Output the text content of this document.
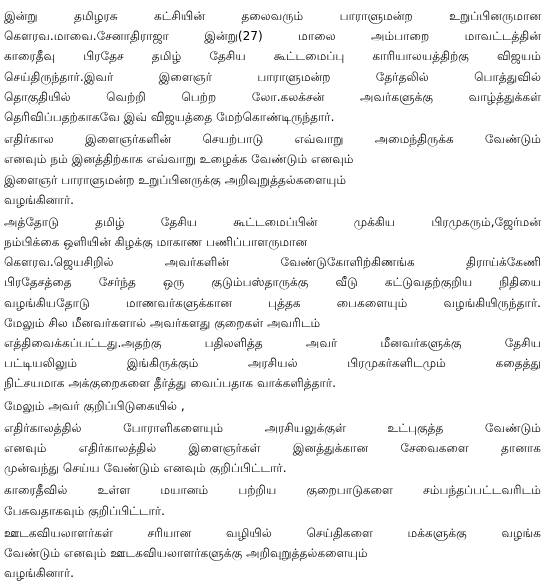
இன்று தமிழரசு கட்சியின் தலைவரும் பாராளுமன்ற உறுப்பினருமான
கௌரவ.மாவை.சேனாதிராஜா இன்று(27) மாலை அம்பாறை மாவட்டத்தின்
காரைதீவு பிரதேச தமிழ் தேசிய கூட்டமைப்பு காரியாலயத்திற்கு விஜயம்
செய்திருந்தார்.இவர் இளைஞர் பாராளுமன்ற தேர்தலில் பொத்துவில்
தொகுதியில் வெற்றி பெற்ற லோ.கலக்சன் அவர்களுக்கு வாழ்த்துக்கள்
தெரிவிப்பதற்காகவே இவ் விஜயத்தை மேற்கொண்டிருந்தார்.
எதிர்கால இளைஞர்களின் செயற்பாடு எவ்வாறு அமைந்திருக்க வேண்டும்
எனவும் நம் இனத்திற்காக எவ்வாறு உழைக்க வேண்டும் எனவும்
இளைஞர் பாராளுமன்ற உறுப்பினருக்கு அறிவுறுத்தல்களையும்
வழங்கினார்.
அத்தோடு தமிழ் தேசிய கூட்டமைப்பின் முக்கிய பிரமுகரும்,ஜேர்மன்
நம்பிக்கை ஒளியின் கிழக்கு மாகாண பணிப்பாளருமான
கௌரவ.ஜெயசிறில் அவர்களின் வேண்டுகோளிற்கிணங்க திராய்க்கேணி
பிரதேசத்தை சேர்ந்த ஒரு குடும்பஸ்தாருக்கு வீடு கட்டுவதற்குறிய நிதியை
வழங்கியதோடு மாணவர்களுக்கான புத்தக பைகளையும் வழங்கியிருந்தார்.
மேலும் சில மீனவர்களால் அவர்களது குறைகள் அவரிடம்
எத்திவைக்கப்பட்டது.அதற்கு பதிலளித்த அவர் மீனவர்களுக்கு தேசிய
பட்டியலிலும் இங்கிருக்கும் அரசியல் பிரமுகர்களிடமும் கதைத்து
நிட்சயமாக அக்குறைகளை தீர்த்து வைப்பதாக வாக்களித்தார்.
மேலும் அவர் குறிப்பிடுகையில் ,
எதிர்காலத்தில் போராளிகளையும் அரசியலுக்குள் உட்புகுத்த வேண்டும்
எனவும் எதிர்காலத்தில் இளைஞர்கள் இனத்துக்கான சேவைகளை தானாக
முன்வந்து செய்ய வேண்டும் எனவும் குறிப்பிட்டார்.
காரைதீவில் உள்ள மயானம் பற்றிய குறைபாடுகளை சம்பந்தப்பட்டவரிடம்
பேசுவதாகவும் குறிப்பிட்டார்.
ஊடகவியலாளர்கள் சரியான வழியில் செய்திகளை மக்களுக்கு வழங்க
வேண்டும் எனவும் ஊடகவியலாளர்களுக்கு அறிவுறுத்தல்களையும்
வழங்கினார்.
